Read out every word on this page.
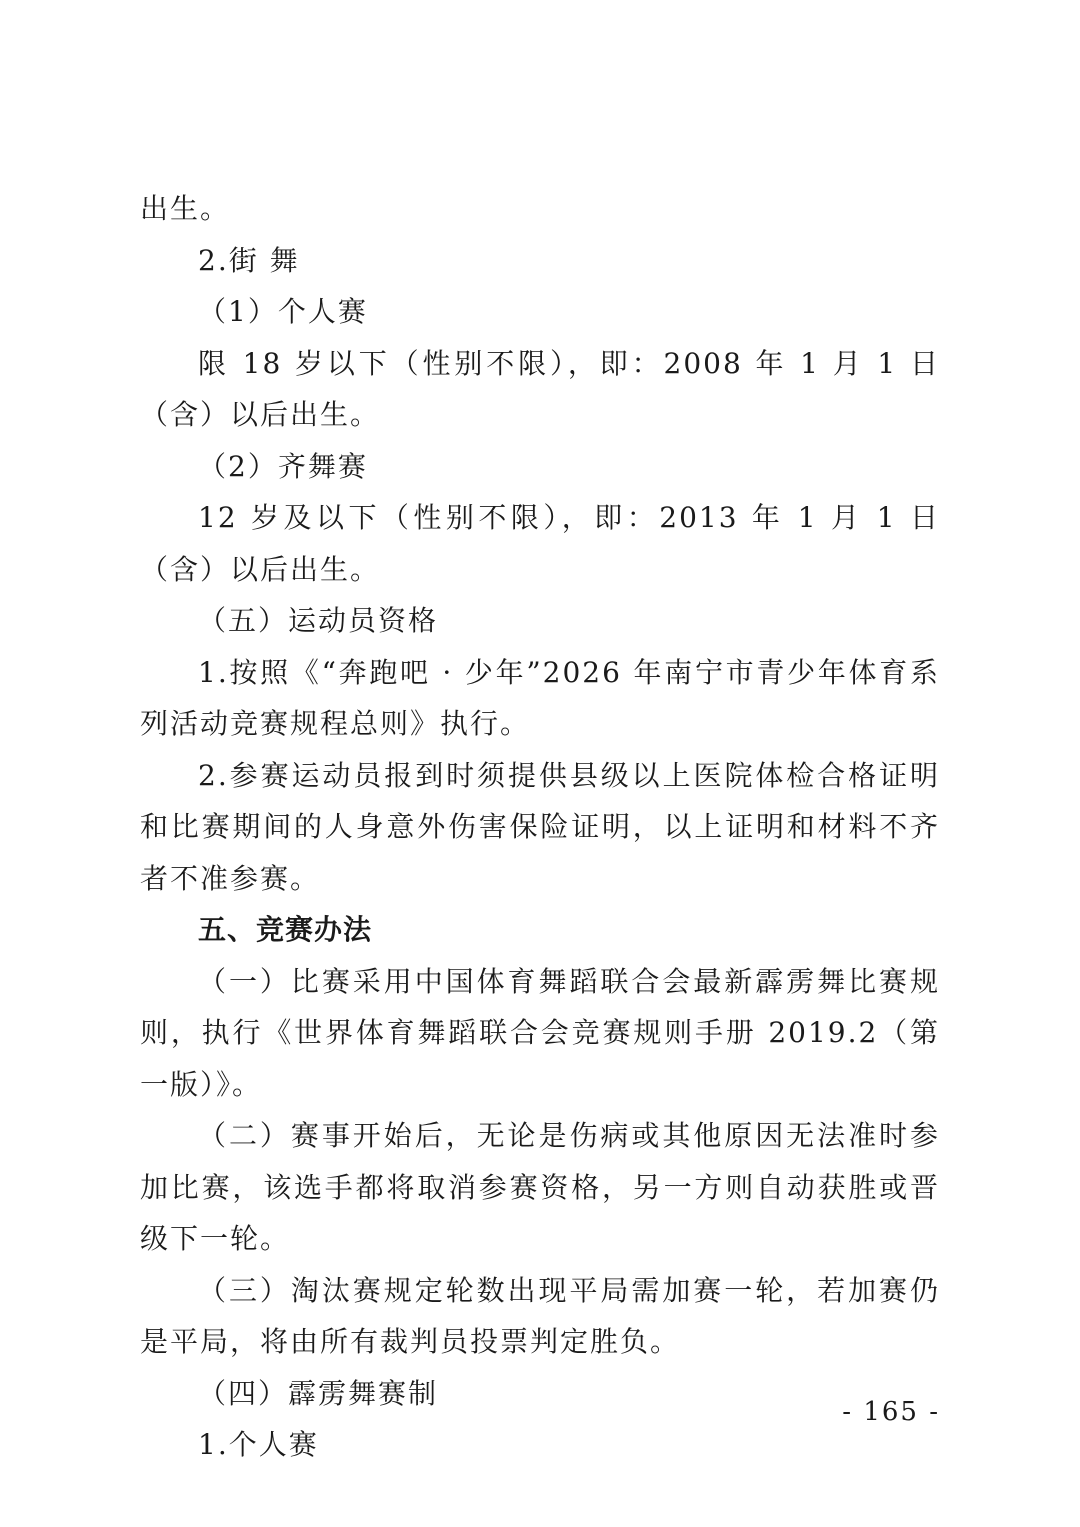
出生。

2.街 舞

（1）个人赛

限 18 岁以下（性别不限），即：2008 年 1 月 1 日（含）以后出生。

（2）齐舞赛

12 岁及以下（性别不限），即：2013 年 1 月 1 日（含）以后出生。

（五）运动员资格

1.按照《“奔跑吧 · 少年”2026 年南宁市青少年体育系列活动竞赛规程总则》执行。

2.参赛运动员报到时须提供县级以上医院体检合格证明和比赛期间的人身意外伤害保险证明，以上证明和材料不齐者不准参赛。

五、竞赛办法

（一）比赛采用中国体育舞蹈联合会最新霹雳舞比赛规则，执行《世界体育舞蹈联合会竞赛规则手册 2019.2（第一版）》。

（二）赛事开始后，无论是伤病或其他原因无法准时参加比赛，该选手都将取消参赛资格，另一方则自动获胜或晋级下一轮。

（三）淘汰赛规定轮数出现平局需加赛一轮，若加赛仍是平局，将由所有裁判员投票判定胜负。

（四）霹雳舞赛制

1.个人赛

- 165 -
